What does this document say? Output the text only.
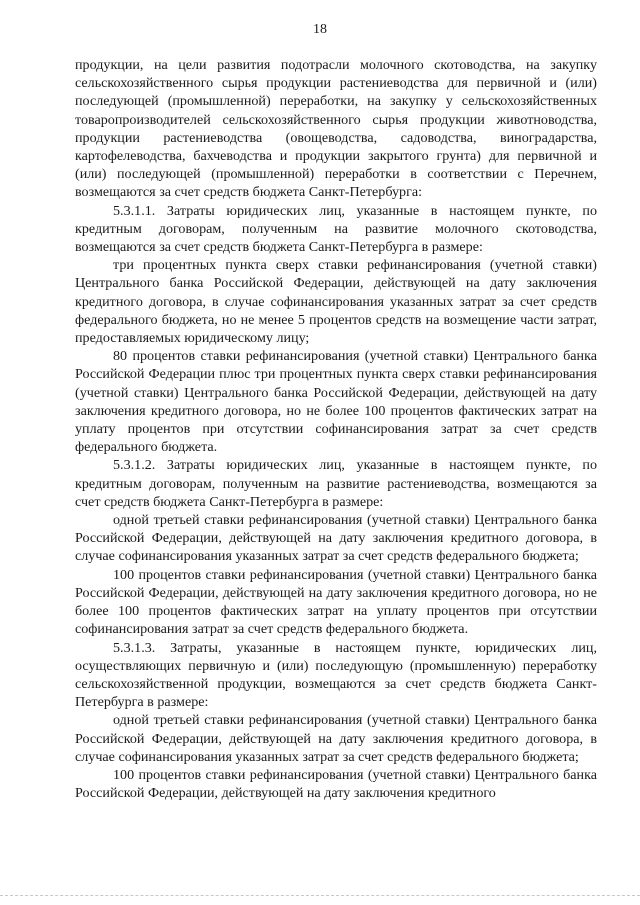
18

продукции, на цели развития подотрасли молочного скотоводства, на закупку сельскохозяйственного сырья продукции растениеводства для первичной и (или) последующей (промышленной) переработки, на закупку у сельскохозяйственных товаропроизводителей сельскохозяйственного сырья продукции животноводства, продукции растениеводства (овощеводства, садоводства, виноградарства, картофелеводства, бахчеводства и продукции закрытого грунта) для первичной и (или) последующей (промышленной) переработки в соответствии с Перечнем, возмещаются за счет средств бюджета Санкт-Петербурга:

5.3.1.1. Затраты юридических лиц, указанные в настоящем пункте, по кредитным договорам, полученным на развитие молочного скотоводства, возмещаются за счет средств бюджета Санкт-Петербурга в размере:

три процентных пункта сверх ставки рефинансирования (учетной ставки) Центрального банка Российской Федерации, действующей на дату заключения кредитного договора, в случае софинансирования указанных затрат за счет средств федерального бюджета, но не менее 5 процентов средств на возмещение части затрат, предоставляемых юридическому лицу;

80 процентов ставки рефинансирования (учетной ставки) Центрального банка Российской Федерации плюс три процентных пункта сверх ставки рефинансирования (учетной ставки) Центрального банка Российской Федерации, действующей на дату заключения кредитного договора, но не более 100 процентов фактических затрат на уплату процентов при отсутствии софинансирования затрат за счет средств федерального бюджета.

5.3.1.2. Затраты юридических лиц, указанные в настоящем пункте, по кредитным договорам, полученным на развитие растениеводства, возмещаются за счет средств бюджета Санкт-Петербурга в размере:

одной третьей ставки рефинансирования (учетной ставки) Центрального банка Российской Федерации, действующей на дату заключения кредитного договора, в случае софинансирования указанных затрат за счет средств федерального бюджета;

100 процентов ставки рефинансирования (учетной ставки) Центрального банка Российской Федерации, действующей на дату заключения кредитного договора, но не более 100 процентов фактических затрат на уплату процентов при отсутствии софинансирования затрат за счет средств федерального бюджета.

5.3.1.3. Затраты, указанные в настоящем пункте, юридических лиц, осуществляющих первичную и (или) последующую (промышленную) переработку сельскохозяйственной продукции, возмещаются за счет средств бюджета Санкт-Петербурга в размере:

одной третьей ставки рефинансирования (учетной ставки) Центрального банка Российской Федерации, действующей на дату заключения кредитного договора, в случае софинансирования указанных затрат за счет средств федерального бюджета;

100 процентов ставки рефинансирования (учетной ставки) Центрального банка Российской Федерации, действующей на дату заключения кредитного
